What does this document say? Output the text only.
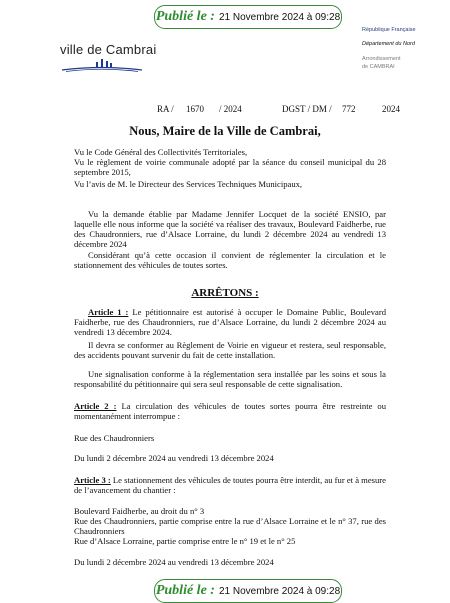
Publié le : 21 Novembre 2024 à 09:28
ville de Cambrai
République Française
Département du Nord
Arrondissement
de CAMBRAI
RA / 1670 / 2024	DGST / DM / 772	2024
Nous, Maire de la Ville de Cambrai,
Vu le Code Général des Collectivités Territoriales,
Vu le règlement de voirie communale adopté par la séance du conseil municipal du 28 septembre 2015,
Vu l’avis de M. le Directeur des Services Techniques Municipaux,
Vu la demande établie par Madame Jennifer Locquet de la société ENSIO, par laquelle elle nous informe que la société va réaliser des travaux, Boulevard Faidherbe, rue des Chaudronniers, rue d’Alsace Lorraine, du lundi 2 décembre 2024 au vendredi 13 décembre 2024
Considérant qu’à cette occasion il convient de réglementer la circulation et le stationnement des véhicules de toutes sortes.
ARRÊTONS :
Article 1 : Le pétitionnaire est autorisé à occuper le Domaine Public, Boulevard Faidherbe, rue des Chaudronniers, rue d’Alsace Lorraine, du lundi 2 décembre 2024 au vendredi 13 décembre 2024.
Il devra se conformer au Règlement de Voirie en vigueur et restera, seul responsable, des accidents pouvant survenir du fait de cette installation.
Une signalisation conforme à la réglementation sera installée par les soins et sous la responsabilité du pétitionnaire qui sera seul responsable de cette signalisation.
Article 2 : La circulation des véhicules de toutes sortes pourra être restreinte ou momentanément interrompue :
Rue des Chaudronniers
Du lundi 2 décembre 2024 au vendredi 13 décembre 2024
Article 3 : Le stationnement des véhicules de toutes pourra être interdit, au fur et à mesure de l’avancement du chantier :
Boulevard Faidherbe, au droit du n° 3
Rue des Chaudronniers, partie comprise entre la rue d’Alsace Lorraine et le n° 37, rue des Chaudronniers
Rue d’Alsace Lorraine, partie comprise entre le n° 19 et le n° 25
Du lundi 2 décembre 2024 au vendredi 13 décembre 2024
Publié le : 21 Novembre 2024 à 09:28
